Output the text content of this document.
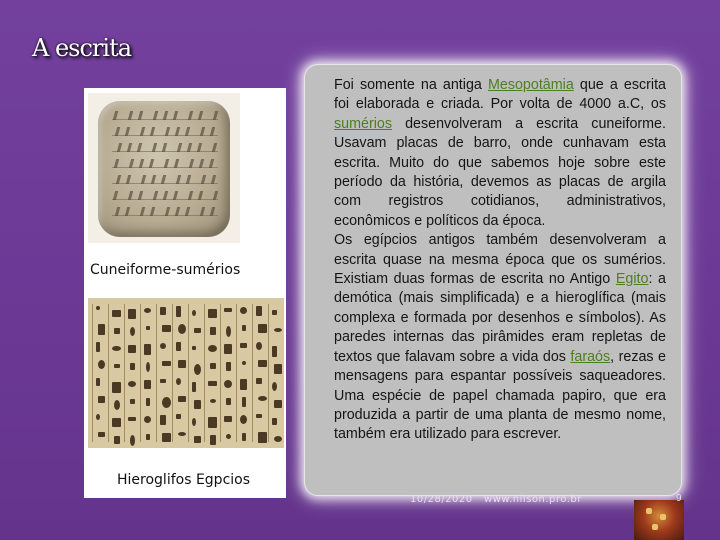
A escrita
Cuneiforme-sumérios
Hieroglifos Egpcios

Foi somente na antiga Mesopotâmia que a escrita foi elaborada e criada. Por volta de 4000 a.C, os sumérios desenvolveram a escrita cuneiforme. Usavam placas de barro, onde cunhavam esta escrita. Muito do que sabemos hoje sobre este período da história, devemos as placas de argila com registros cotidianos, administrativos, econômicos e políticos da época.

Os egípcios antigos também desenvolveram a escrita quase na mesma época que os sumérios. Existiam duas formas de escrita no Antigo Egito: a demótica (mais simplificada) e a hieroglífica (mais complexa e formada por desenhos e símbolos). As paredes internas das pirâmides eram repletas de textos que falavam sobre a vida dos faraós, rezas e mensagens para espantar possíveis saqueadores. Uma espécie de papel chamada papiro, que era produzida a partir de uma planta de mesmo nome, também era utilizado para escrever.

10/28/2020 www.nilson.pro.br	9
